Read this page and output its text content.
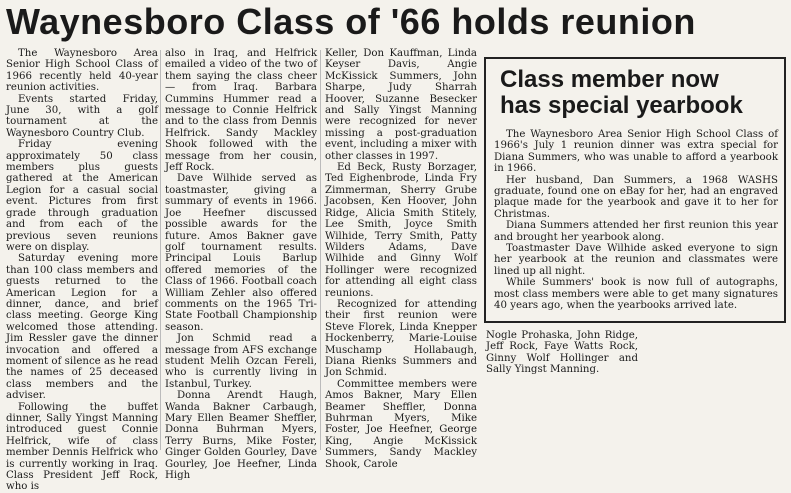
Waynesboro Class of '66 holds reunion

The Waynesboro Area Senior High School Class of 1966 recently held 40-year reunion activities.

Events started Friday, June 30, with a golf tournament at the Waynesboro Country Club.

Friday evening approximately 50 class members plus guests gathered at the American Legion for a casual social event. Pictures from first grade through graduation and from each of the previous seven reunions were on display.

Saturday evening more than 100 class members and guests returned to the American Legion for a dinner, dance, and brief class meeting. George King welcomed those attending. Jim Ressler gave the dinner invocation and offered a moment of silence as he read the names of 25 deceased class members and the adviser.

Following the buffet dinner, Sally Yingst Manning introduced guest Connie Helfrick, wife of class member Dennis Helfrick who is currently working in Iraq. Class President Jeff Rock, who is

also in Iraq, and Helfrick emailed a video of the two of them saying the class cheer — from Iraq. Barbara Cummins Hummer read a message to Connie Helfrick and to the class from Dennis Helfrick. Sandy Mackley Shook followed with the message from her cousin, Jeff Rock.

Dave Wilhide served as toastmaster, giving a summary of events in 1966. Joe Heefner discussed possible awards for the future. Amos Bakner gave golf tournament results. Principal Louis Barlup offered memories of the Class of 1966. Football coach William Zehler also offered comments on the 1965 Tri-State Football Championship season.

Jon Schmid read a message from AFS exchange student Melih Ozcan Fereli, who is currently living in Istanbul, Turkey.

Donna Arendt Haugh, Wanda Bakner Carbaugh, Mary Ellen Beamer Sheffler, Donna Buhrman Myers, Terry Burns, Mike Foster, Ginger Golden Gourley, Dave Gourley, Joe Heefner, Linda High

Keller, Don Kauffman, Linda Keyser Davis, Angie McKissick Summers, John Sharpe, Judy Sharrah Hoover, Suzanne Besecker and Sally Yingst Manning were recognized for never missing a post-graduation event, including a mixer with other classes in 1997.

Ed Beck, Rusty Borzager, Ted Eighenbrode, Linda Fry Zimmerman, Sherry Grube Jacobsen, Ken Hoover, John Ridge, Alicia Smith Stitely, Lee Smith, Joyce Smith Wilhide, Terry Smith, Patty Wilders Adams, Dave Wilhide and Ginny Wolf Hollinger were recognized for attending all eight class reunions.

Recognized for attending their first reunion were Steve Florek, Linda Knepper Hockenberry, Marie-Louise Muschamp Hollabaugh, Diana Rienks Summers and Jon Schmid.

Committee members were Amos Bakner, Mary Ellen Beamer Sheffler, Donna Buhrman Myers, Mike Foster, Joe Heefner, George King, Angie McKissick Summers, Sandy Mackley Shook, Carole

Class member now
has special yearbook

The Waynesboro Area Senior High School Class of 1966's July 1 reunion dinner was extra special for Diana Summers, who was unable to afford a yearbook in 1966.

Her husband, Dan Summers, a 1968 WASHS graduate, found one on eBay for her, had an engraved plaque made for the yearbook and gave it to her for Christmas.

Diana Summers attended her first reunion this year and brought her yearbook along.

Toastmaster Dave Wilhide asked everyone to sign her yearbook at the reunion and classmates were lined up all night.

While Summers' book is now full of autographs, most class members were able to get many signatures 40 years ago, when the yearbooks arrived late.

Nogle Prohaska, John Ridge, Jeff Rock, Faye Watts Rock, Ginny Wolf Hollinger and Sally Yingst Manning.
